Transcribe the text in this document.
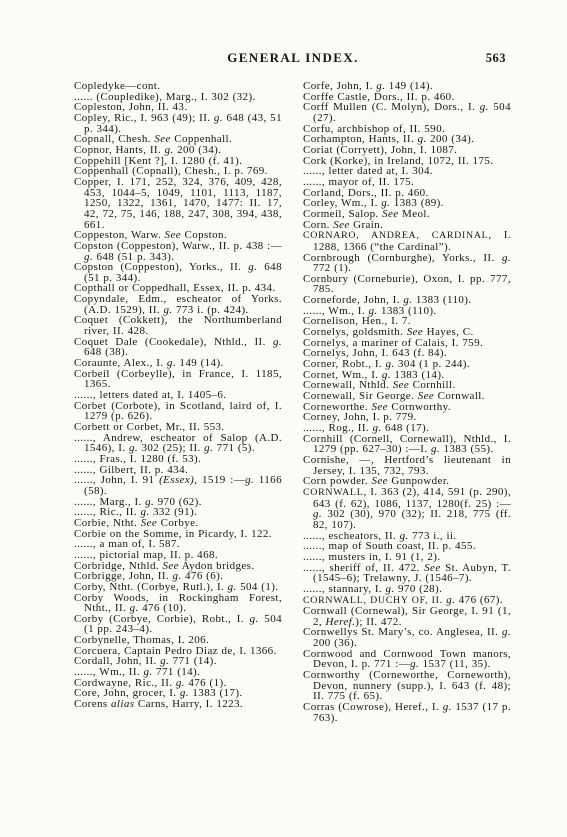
GENERAL INDEX.	563

Copledyke—cont.

...... (Coupledike), Marg., I. 302 (32).

Copleston, John, II. 43.

Copley, Ric., I. 963 (49); II. g. 648 (43, 51 p. 344).

Copnall, Chesh. See Coppenhall.

Copnor, Hants, II. g. 200 (34).

Coppehill [Kent ?], I. 1280 (f. 41).

Coppenhall (Copnall), Chesh., I. p. 769.

Copper, I. 171, 252, 324, 376, 409, 428, 453, 1044–5, 1049, 1101, 1113, 1187, 1250, 1322, 1361, 1470, 1477: II. 17, 42, 72, 75, 146, 188, 247, 308, 394, 438, 661.

Coppeston, Warw. See Copston.

Copston (Coppeston), Warw., II. p. 438 :—g. 648 (51 p. 343).

Copston (Coppeston), Yorks., II. g. 648 (51 p. 344).

Copthall or Coppedhall, Essex, II. p. 434.

Copyndale, Edm., escheator of Yorks. (A.D. 1529), II. g. 773 i. (p. 424).

Coquet (Cokkett), the Northumberland river, II. 428.

Coquet Dale (Cookedale), Nthld., II. g. 648 (38).

Coraunte, Alex., I. g. 149 (14).

Corbeil (Corbeylle), in France, I. 1185, 1365.

......, letters dated at, I. 1405–6.

Corbet (Corbote), in Scotland, laird of, I. 1279 (p. 626).

Corbett or Corbet, Mr., II. 553.

......, Andrew, escheator of Salop (A.D. 1546), I. g. 302 (25); II. g. 771 (5).

......, Fras., I. 1280 (f. 53).

......, Gilbert, II. p. 434.

......, John, I. 91 (Essex), 1519 :—g. 1166 (58).

......, Marg., I. g. 970 (62).

......, Ric., II. g. 332 (91).

Corbie, Ntht. See Corbye.

Corbie on the Somme, in Picardy, I. 122.

......, a man of, I. 587.

......, pictorial map, II. p. 468.

Corbridge, Nthld. See Aydon bridges.

Corbrigge, John, II. g. 476 (6).

Corby, Ntht. (Corbye, Rutl.), I. g. 504 (1).

Corby Woods, in Rockingham Forest, Ntht., II. g. 476 (10).

Corby (Corbye, Corbie), Robt., I. g. 504 (1 pp. 243–4).

Corbynelle, Thomas, I. 206.

Corcuera, Captain Pedro Diaz de, I. 1366.

Cordall, John, II. g. 771 (14).

......, Wm., II. g. 771 (14).

Cordwayne, Ric., II. g. 476 (1).

Core, John, grocer, I. g. 1383 (17).

Corens alias Carns, Harry, I. 1223.

Corfe, John, I. g. 149 (14).

Corffe Castle, Dors., II. p. 460.

Corff Mullen (C. Molyn), Dors., I. g. 504 (27).

Corfu, archbishop of, II. 590.

Corhampton, Hants, II. g. 200 (34).

Coriat (Corryett), John, I. 1087.

Cork (Korke), in Ireland, 1072, II. 175.

......, letter dated at, I. 304.

......, mayor of, II. 175.

Corland, Dors., II. p. 460.

Corley, Wm., I. g. 1383 (89).

Cormeil, Salop. See Meol.

Corn. See Grain.

CORNARO, ANDREA, CARDINAL, I. 1288, 1366 (“the Cardinal”).

Cornbrough (Cornburghe), Yorks., II. g. 772 (1).

Cornbury (Corneburie), Oxon, I. pp. 777, 785.

Corneforde, John, I. g. 1383 (110).

......, Wm., I. g. 1383 (110).

Cornelison, Hen., I. 7.

Cornelys, goldsmith. See Hayes, C.

Cornelys, a mariner of Calais, I. 759.

Cornelys, John, I. 643 (f. 84).

Corner, Robt., I. g. 304 (1 p. 244).

Cornet, Wm., I. g. 1383 (14).

Cornewall, Nthld. See Cornhill.

Cornewall, Sir George. See Cornwall.

Corneworthe. See Cornworthy.

Corney, John, I. p. 779.

......, Rog., II. g. 648 (17).

Cornhill (Cornell, Cornewall), Nthld., I. 1279 (pp. 627–30) :—I. g. 1383 (55).

Cornishe, —, Hertford’s lieutenant in Jersey, I. 135, 732, 793.

Corn powder. See Gunpowder.

CORNWALL, I. 363 (2), 414, 591 (p. 290), 643 (f. 62), 1086, 1137, 1280(f. 25) :—g. 302 (30), 970 (32); II. 218, 775 (ff. 82, 107).

......, escheators, II. g. 773 i., ii.

......, map of South coast, II. p. 455.

......, musters in, I. 91 (1, 2).

......, sheriff of, II. 472. See St. Aubyn, T. (1545–6); Trelawny, J. (1546–7).

......, stannary, I. g. 970 (28).

CORNWALL, DUCHY OF, II. g. 476 (67).

Cornwall (Cornewal), Sir George, I. 91 (1, 2, Heref.); II. 472.

Cornwellys St. Mary’s, co. Anglesea, II. g. 200 (36).

Cornwood and Cornwood Town manors, Devon, I. p. 771 :—g. 1537 (11, 35).

Cornworthy (Corneworthe, Corneworth), Devon, nunnery (supp.), I. 643 (f. 48); II. 775 (f. 65).

Corras (Cowrose), Heref., I. g. 1537 (17 p. 763).
